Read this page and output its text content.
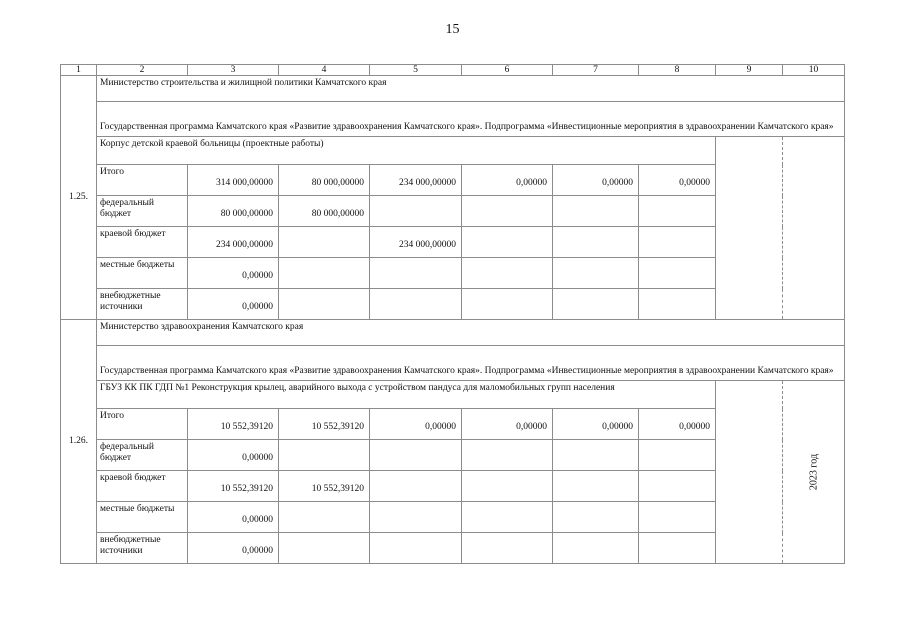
15
1	2	3	4	5	6	7	8	9	10
1.25.	Министерство строительства и жилищной политики Камчатского края								
	Государственная программа Камчатского края «Развитие здравоохранения Камчатского края». Подпрограмма «Инвестиционные мероприятия в здравоохранении Камчатского края»								
	Корпус детской краевой больницы (проектные работы)								

	Итого	314 000,00000	80 000,00000	234 000,00000	0,00000	0,00000	0,00000		
	федеральный бюджет	80 000,00000	80 000,00000						
	краевой бюджет	234 000,00000		234 000,00000					
	местные бюджеты	0,00000							
	внебюджетные источники	0,00000							
1.26.	Министерство здравоохранения Камчатского края								
	Государственная программа Камчатского края «Развитие здравоохранения Камчатского края». Подпрограмма «Инвестиционные мероприятия в здравоохранении Камчатского края»								
	ГБУЗ КК ПК ГДП №1 Реконструкция крылец, аварийного выхода с устройством пандуса для маломобильных групп населения								2023 год

	Итого	10 552,39120	10 552,39120	0,00000	0,00000	0,00000	0,00000		
	федеральный бюджет	0,00000							
	краевой бюджет	10 552,39120	10 552,39120						
	местные бюджеты	0,00000							
	внебюджетные источники	0,00000							
